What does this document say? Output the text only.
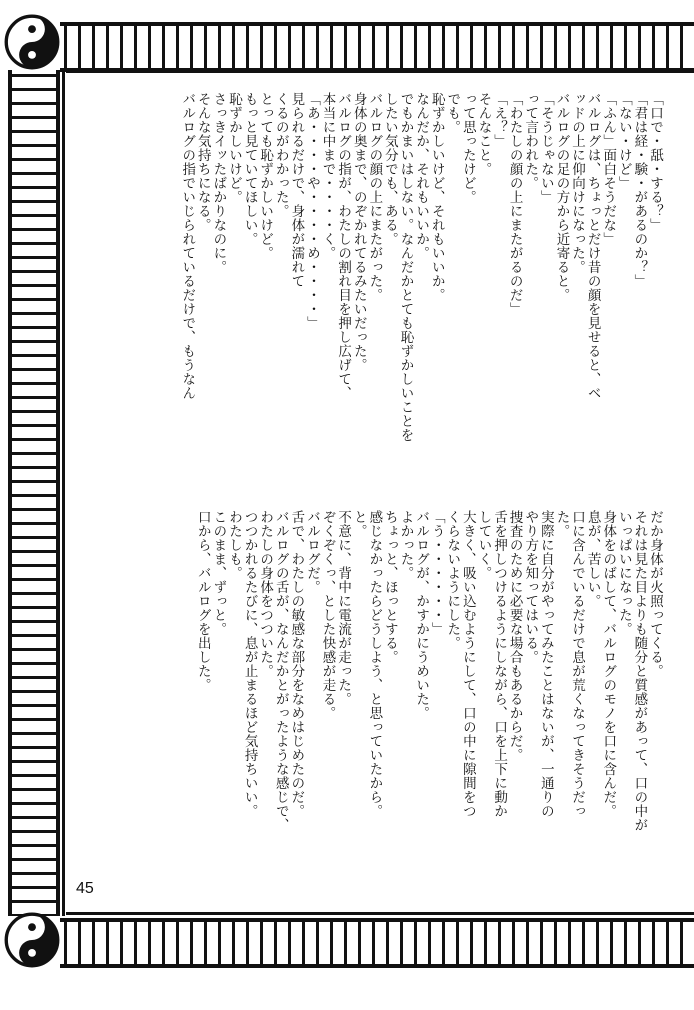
「口で・舐・する？」
「君は経・験・があるのか？」
「ない・けど」
「ふん」面白そうだな」
バルログは、ちょっとだけ昔の顔を見せると、ベ
ッドの上に仰向けになった。
バルログの足の方から近寄ると。
「そうじゃない」
って言われた。
「わたしの顔の上にまたがるのだ」
「え？」
そんなこと。
って思ったけど。
でも。
恥ずかしいけど、それもいいか。
なんだか、それもいいか。
でもかまいはしない。なんだかとても恥ずかしいことを
したい気分でも、ある。
バルログの顔の上にまたがった。
身体の奥まで、のぞかれてるみたいだった。
バルログの指が、わたしの割れ目を押し広げて、
本当に中まで・・・・く。
「あ・・・・や・・・・め・・・・」
見られるだけで、身体が濡れて
くるのがわかった。
とっても恥ずかしいけど。
もっと見ていてほしい。
恥ずかしいけど。
さっきイッたばかりなのに。
そんな気持ちになる。
バルログの指でいじられているだけで、もうなん
だか身体が火照ってくる。
それは見た目よりも随分と質感があって、口の中が
いっぱいになった。
身体をのばして、バルログのモノを口に含んだ。
息が、苦しい。
口に含んでいるだけで息が荒くなってきそうだっ
た。
実際に自分がやってみたことはないが、一通りの
やり方を知ってはいる。
捜査のために必要な場合もあるからだ。
舌を押しつけるようにしながら、口を上下に動か
していく。
大きく、吸い込むようにして、口の中に隙間をつ
くらないようにした。
「う・・・・・・」
バルログが、かすかにうめいた。
よかった。
ちょっと、ほっとする。
感じなかったらどうしよう、と思っていたから。
と。
不意に、背中に電流が走った。
ぞくぞくっ、とした快感が走る。
バルログだ。
舌で、わたしの敏感な部分をなめはじめたのだ。
バルログの舌が、なんだかとがったような感じで、
わたしの身体をつついた。
つつかれるたびに、息が止まるほど気持ちいい。
わたしも。
このまま、ずっと。
口から、バルログを出した。
45
